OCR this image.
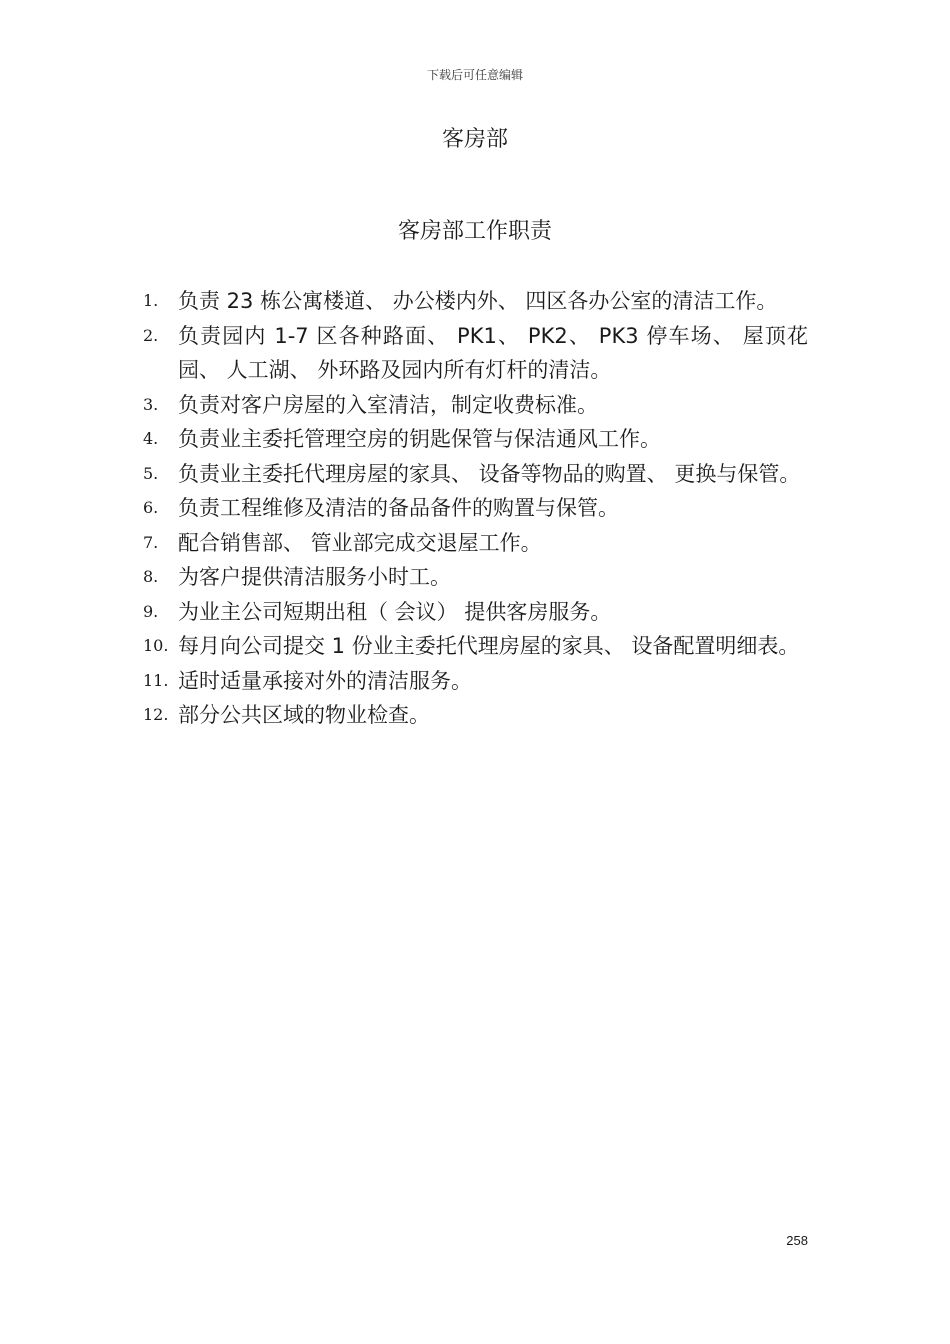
下载后可任意编辑
客房部
客房部工作职责
1. 负责 23 栋公寓楼道、 办公楼内外、 四区各办公室的清洁工作。
2. 负责园内 1-7 区各种路面、 PK1、 PK2、 PK3 停车场、 屋顶花园、 人工湖、 外环路及园内所有灯杆的清洁。
3. 负责对客户房屋的入室清洁，制定收费标准。
4. 负责业主委托管理空房的钥匙保管与保洁通风工作。
5. 负责业主委托代理房屋的家具、 设备等物品的购置、 更换与保管。
6. 负责工程维修及清洁的备品备件的购置与保管。
7. 配合销售部、 管业部完成交退屋工作。
8. 为客户提供清洁服务小时工。
9. 为业主公司短期出租（ 会议） 提供客房服务。
10. 每月向公司提交 1 份业主委托代理房屋的家具、 设备配置明细表。
11. 适时适量承接对外的清洁服务。
12. 部分公共区域的物业检查。
258
